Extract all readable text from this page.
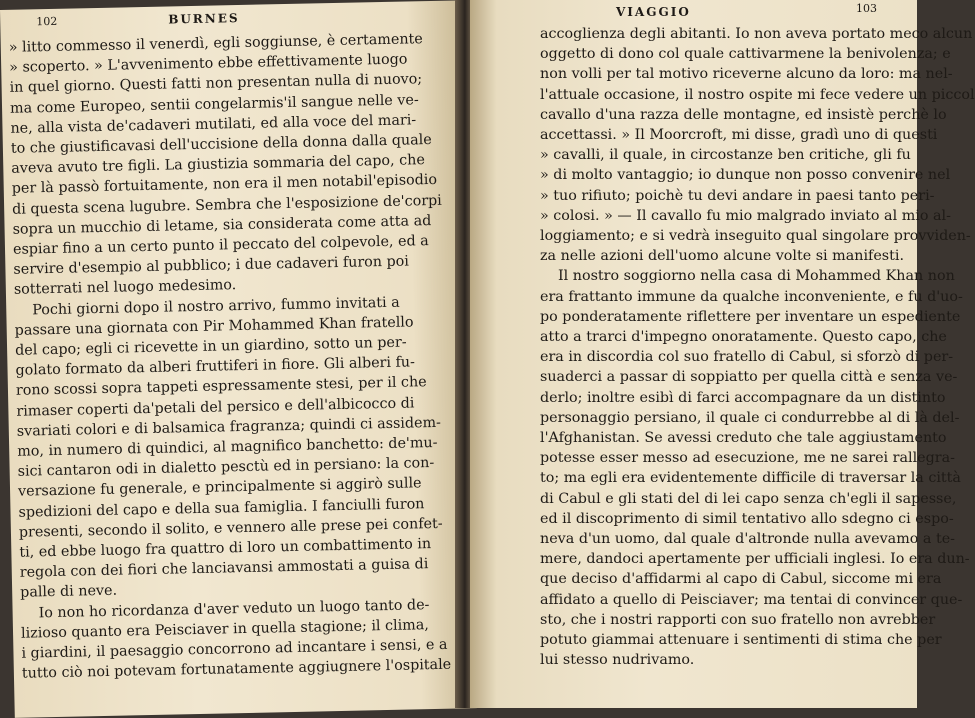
102	BURNES
» litto commesso il venerdì, egli soggiunse, è certamente
» scoperto. » L'avvenimento ebbe effettivamente luogo
in quel giorno. Questi fatti non presentan nulla di nuovo;
ma come Europeo, sentii congelarmis'il sangue nelle ve-
ne, alla vista de'cadaveri mutilati, ed alla voce del mari-
to che giustificavasi dell'uccisione della donna dalla quale
aveva avuto tre figli. La giustizia sommaria del capo, che
per là passò fortuitamente, non era il men notabil'episodio
di questa scena lugubre. Sembra che l'esposizione de'corpi
sopra un mucchio di letame, sia considerata come atta ad
espiar fino a un certo punto il peccato del colpevole, ed a
servire d'esempio al pubblico; i due cadaveri furon poi
sotterrati nel luogo medesimo.
Pochi giorni dopo il nostro arrivo, fummo invitati a
passare una giornata con Pir Mohammed Khan fratello
del capo; egli ci ricevette in un giardino, sotto un per-
golato formato da alberi fruttiferi in fiore. Gli alberi fu-
rono scossi sopra tappeti espressamente stesi, per il che
rimaser coperti da'petali del persico e dell'albicocco di
svariati colori e di balsamica fragranza; quindi ci assidem-
mo, in numero di quindici, al magnifico banchetto: de'mu-
sici cantaron odi in dialetto pesctù ed in persiano: la con-
versazione fu generale, e principalmente si aggirò sulle
spedizioni del capo e della sua famiglia. I fanciulli furon
presenti, secondo il solito, e vennero alle prese pei confet-
ti, ed ebbe luogo fra quattro di loro un combattimento in
regola con dei fiori che lanciavansi ammostati a guisa di
palle di neve.
Io non ho ricordanza d'aver veduto un luogo tanto de-
lizioso quanto era Peisciaver in quella stagione; il clima,
i giardini, il paesaggio concorrono ad incantare i sensi, e a
tutto ciò noi potevam fortunatamente aggiugnere l'ospitale
VIAGGIO	103
accoglienza degli abitanti. Io non aveva portato meco alcun
oggetto di dono col quale cattivarmene la benivolenza; e
non volli per tal motivo riceverne alcuno da loro: ma nel-
l'attuale occasione, il nostro ospite mi fece vedere un piccol
cavallo d'una razza delle montagne, ed insistè perchè lo
accettassi. » Il Moorcroft, mi disse, gradì uno di questi
» cavalli, il quale, in circostanze ben critiche, gli fu
» di molto vantaggio; io dunque non posso convenire nel
» tuo rifiuto; poichè tu devi andare in paesi tanto peri-
» colosi. » — Il cavallo fu mio malgrado inviato al mio al-
loggiamento; e si vedrà inseguito qual singolare provviden-
za nelle azioni dell'uomo alcune volte si manifesti.
Il nostro soggiorno nella casa di Mohammed Khan non
era frattanto immune da qualche inconveniente, e fu d'uo-
po ponderatamente riflettere per inventare un espediente
atto a trarci d'impegno onoratamente. Questo capo, che
era in discordia col suo fratello di Cabul, si sforzò di per-
suaderci a passar di soppiatto per quella città e senza ve-
derlo; inoltre esibì di farci accompagnare da un distinto
personaggio persiano, il quale ci condurrebbe al di là del-
l'Afghanistan. Se avessi creduto che tale aggiustamento
potesse esser messo ad esecuzione, me ne sarei rallegra-
to; ma egli era evidentemente difficile di traversar la città
di Cabul e gli stati del di lei capo senza ch'egli il sapesse,
ed il discoprimento di simil tentativo allo sdegno ci espo-
neva d'un uomo, dal quale d'altronde nulla avevamo a te-
mere, dandoci apertamente per ufficiali inglesi. Io era dun-
que deciso d'affidarmi al capo di Cabul, siccome mi era
affidato a quello di Peisciaver; ma tentai di convincer que-
sto, che i nostri rapporti con suo fratello non avrebber
potuto giammai attenuare i sentimenti di stima che per
lui stesso nudrivamo.
